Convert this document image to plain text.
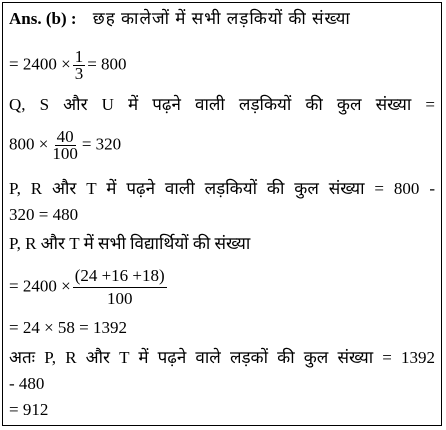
Ans. (b) : छह कालेजों में सभी लड़कियों की संख्या
= $2400 \times \frac{1}{3} = 800$
Q, S और U में पढ़ने वाली लड़कियों की कुल संख्या =
$800 \times \frac{40}{100} = 320$
P, R और T में पढ़ने वाली लड़कियों की कुल संख्या = 800 -
320 = 480
P, R और T में सभी विद्यार्थियों की संख्या
= $2400 \times \frac{(24 +16 +18)}{100}$
= 24 × 58 = 1392
अतः P, R और T में पढ़ने वाले लड़कों की कुल संख्या = 1392
- 480
= 912
